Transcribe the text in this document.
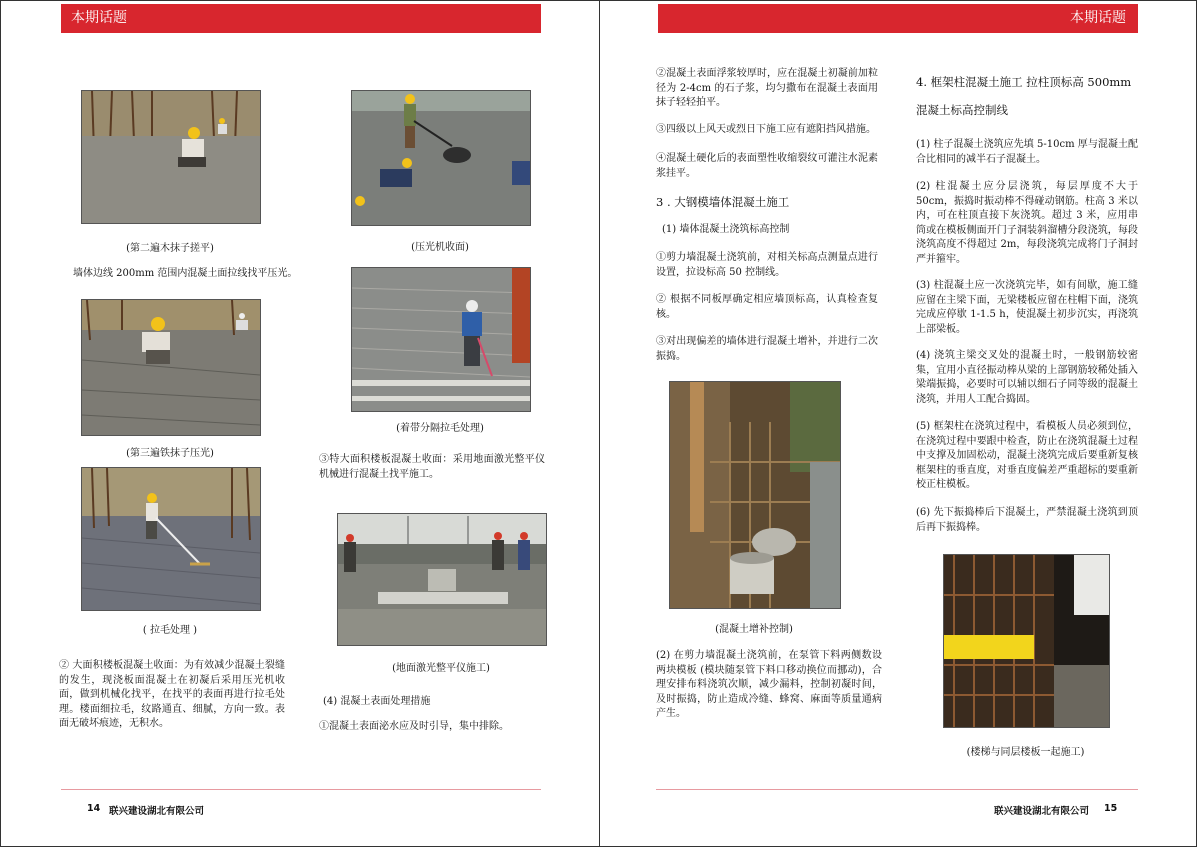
本期话题
(第二遍木抹子搓平)	(压光机收面)
墙体边线 200mm 范围内混凝土面拉线找平压光。
(第三遍铁抹子压光)
(着带分隔拉毛处理)
③特大面积楼板混凝土收面：采用地面激光整平仪机械进行混凝土找平施工。
( 拉毛处理 )
(地面激光整平仪施工)
② 大面积楼板混凝土收面：为有效减少混凝土裂缝的发生，现浇板面混凝土在初凝后采用压光机收面，做到机械化找平，在找平的表面再进行拉毛处理。楼面细拉毛，纹路通直、细腻，方向一致。表面无破坏痕迹，无积水。
(4) 混凝土表面处理措施
①混凝土表面泌水应及时引导，集中排除。
14 联兴建设湖北有限公司
本期话题
②混凝土表面浮浆较厚时，应在混凝土初凝前加粒径为 2-4cm 的石子浆，均匀撒布在混凝土表面用抹子轻轻拍平。
③四级以上风天或烈日下施工应有遮阳挡风措施。
④混凝土硬化后的表面塑性收缩裂纹可灌注水泥素浆挂平。
3 . 大钢模墙体混凝土施工
(1) 墙体混凝土浇筑标高控制
①剪力墙混凝土浇筑前，对相关标高点测量点进行设置，拉设标高 50 控制线。
② 根据不同板厚确定相应墙顶标高，认真检查复核。
③对出现偏差的墙体进行混凝土增补，并进行二次振捣。
(混凝土增补控制)
(2) 在剪力墙混凝土浇筑前，在泵管下料两侧数设两块模板 (模块随泵管下料口移动换位而挪动)，合理安排布料浇筑次顺，减少漏料，控制初凝时间，及时振捣，防止造成冷缝、蜂窝、麻面等质量通病产生。
4. 框架柱混凝土施工 拉柱顶标高 500mm
混凝土标高控制线
(1) 柱子混凝土浇筑应先填 5-10cm 厚与混凝土配合比相同的减半石子混凝土。
(2) 柱混凝土应分层浇筑，每层厚度不大于 50cm，振捣时振动棒不得碰动钢筋。柱高 3 米以内，可在柱顶直接下灰浇筑。超过 3 米，应用串筒或在模板侧面开门子洞装斜溜槽分段浇筑，每段浇筑高度不得超过 2m，每段浇筑完成将门子洞封严并箍牢。
(3) 柱混凝土应一次浇筑完毕，如有间歇，施工缝应留在主梁下面，无梁楼板应留在柱帽下面，浇筑完成应停歇 1-1.5 h，使混凝土初步沉实，再浇筑上部梁板。
(4) 浇筑主梁交叉处的混凝土时，一般钢筋较密集，宜用小直径振动棒从梁的上部钢筋较稀处插入梁端振捣，必要时可以辅以细石子同等级的混凝土浇筑，并用人工配合捣固。
(5) 框架柱在浇筑过程中，看模板人员必须到位，在浇筑过程中要跟中检查，防止在浇筑混凝土过程中支撑及加固松动，混凝土浇筑完成后要重新复核框架柱的垂直度，对垂直度偏差严重超标的要重新校正柱模板。
(6) 先下振捣棒后下混凝土，严禁混凝土浇筑到顶后再下振捣棒。
(楼梯与同层楼板一起施工)
联兴建设湖北有限公司 15
